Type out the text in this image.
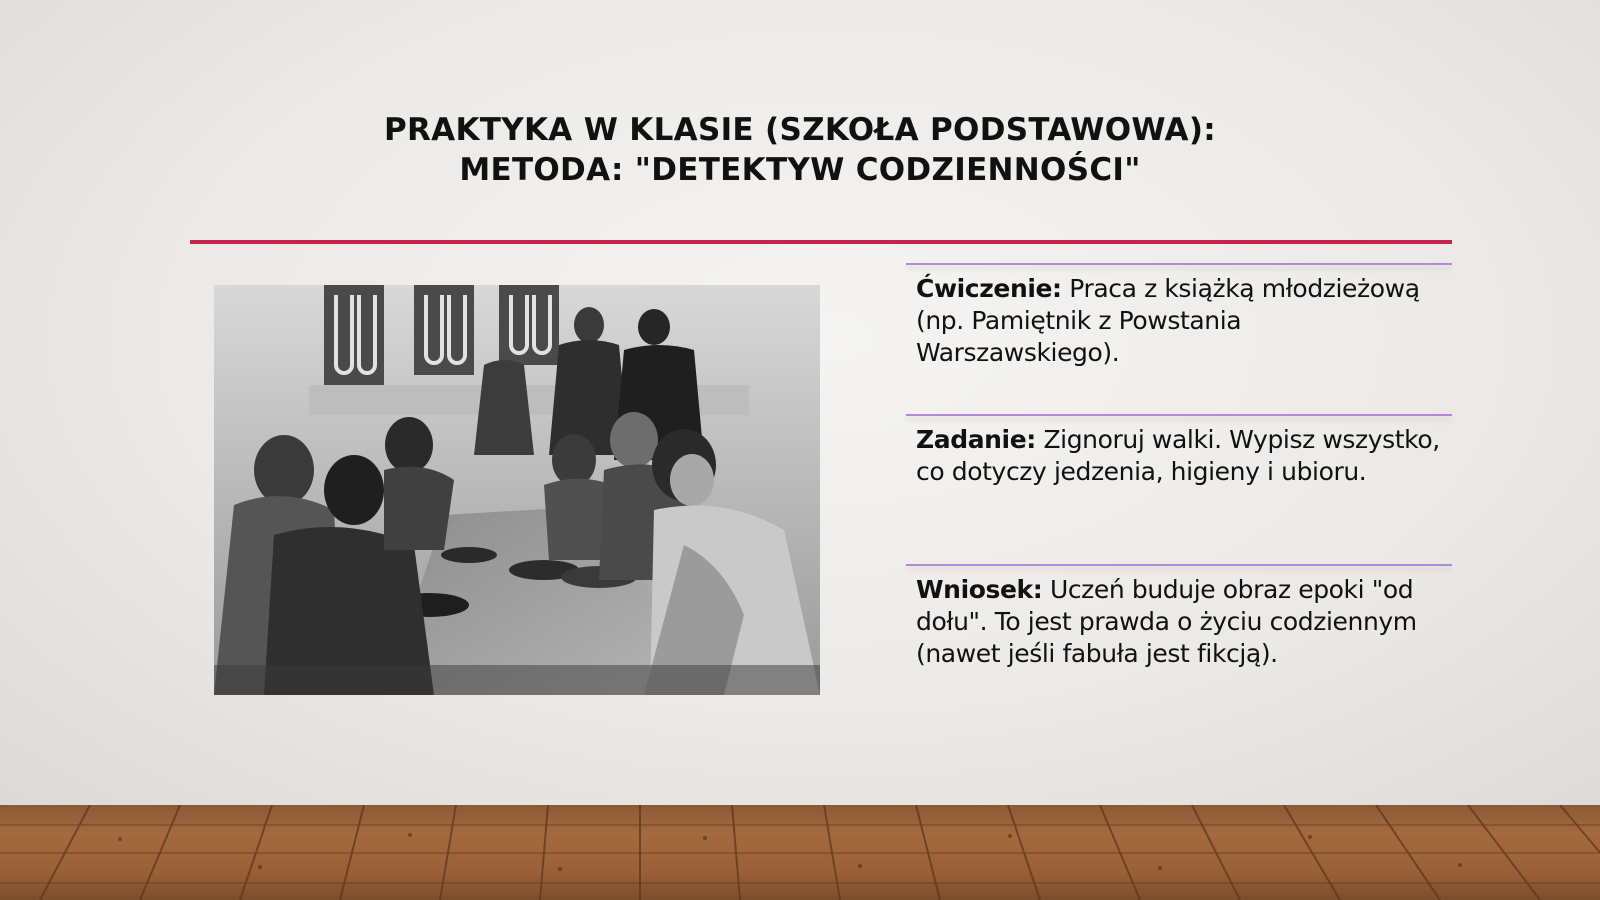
PRAKTYKA W KLASIE (SZKOŁA PODSTAWOWA):
METODA: "DETEKTYW CODZIENNOŚCI"

Ćwiczenie: Praca z książką młodzieżową (np. Pamiętnik z Powstania Warszawskiego).

Zadanie: Zignoruj walki. Wypisz wszystko, co dotyczy jedzenia, higieny i ubioru.

Wniosek: Uczeń buduje obraz epoki "od dołu". To jest prawda o życiu codziennym (nawet jeśli fabuła jest fikcją).
